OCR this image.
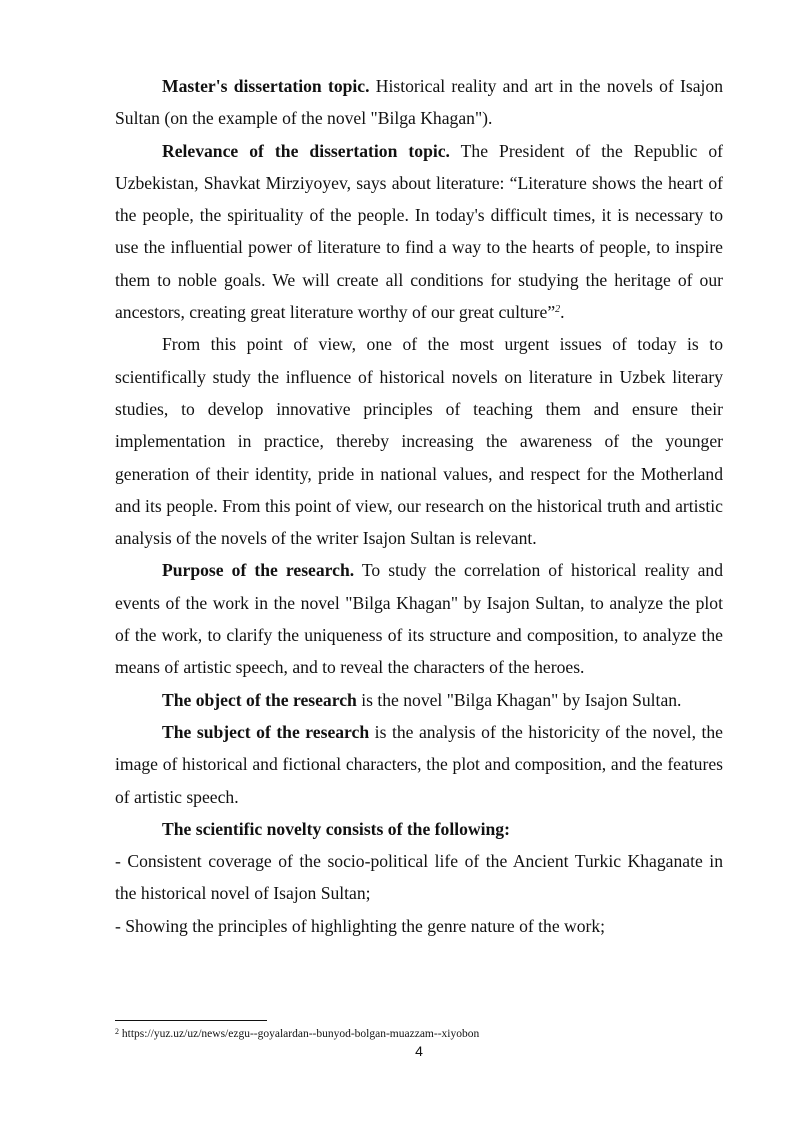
Master's dissertation topic. Historical reality and art in the novels of Isajon Sultan (on the example of the novel "Bilga Khagan").

Relevance of the dissertation topic. The President of the Republic of Uzbekistan, Shavkat Mirziyoyev, says about literature: “Literature shows the heart of the people, the spirituality of the people. In today's difficult times, it is necessary to use the influential power of literature to find a way to the hearts of people, to inspire them to noble goals. We will create all conditions for studying the heritage of our ancestors, creating great literature worthy of our great culture”$^2$.

From this point of view, one of the most urgent issues of today is to scientifically study the influence of historical novels on literature in Uzbek literary studies, to develop innovative principles of teaching them and ensure their implementation in practice, thereby increasing the awareness of the younger generation of their identity, pride in national values, and respect for the Motherland and its people. From this point of view, our research on the historical truth and artistic analysis of the novels of the writer Isajon Sultan is relevant.

Purpose of the research. To study the correlation of historical reality and events of the work in the novel "Bilga Khagan" by Isajon Sultan, to analyze the plot of the work, to clarify the uniqueness of its structure and composition, to analyze the means of artistic speech, and to reveal the characters of the heroes.

The object of the research is the novel "Bilga Khagan" by Isajon Sultan.

The subject of the research is the analysis of the historicity of the novel, the image of historical and fictional characters, the plot and composition, and the features of artistic speech.

The scientific novelty consists of the following:

- Consistent coverage of the socio-political life of the Ancient Turkic Khaganate in the historical novel of Isajon Sultan;

- Showing the principles of highlighting the genre nature of the work;

$^2$ https://yuz.uz/uz/news/ezgu--goyalardan--bunyod-bolgan-muazzam--xiyobon
4
